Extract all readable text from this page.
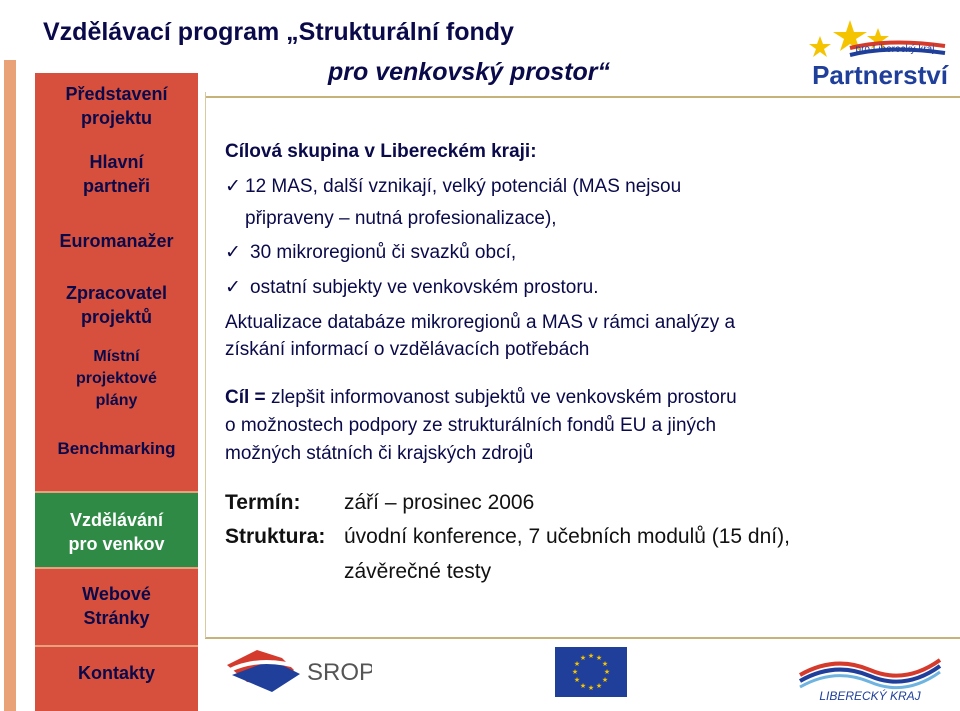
Vzdělávací program „Strukturální fondy
pro venkovský prostor“
pro Liberecký kraj
Partnerství
Představení projektu
Hlavní partneři
Euromanažer
Zpracovatel projektů
Místní projektové plány
Benchmarking
Vzdělávání pro venkov
Webové Stránky
Kontakty
Cílová skupina v Libereckém kraji:
✓ 12 MAS, další vznikají, velký potenciál (MAS nejsou
připraveny – nutná profesionalizace),
✓ 30 mikroregionů či svazků obcí,
✓ ostatní subjekty ve venkovském prostoru.
Aktualizace databáze mikroregionů a MAS v rámci analýzy a
získání informací o vzdělávacích potřebách
Cíl = zlepšit informovanost subjektů ve venkovském prostoru
o možnostech podpory ze strukturálních fondů EU a jiných
možných státních či krajských zdrojů
Termín: září – prosinec 2006
Struktura: úvodní konference, 7 učebních modulů (15 dní),
závěrečné testy
SROP
★ ★
★
★
★
★
★
★
★
★
★
★
LIBERECKÝ KRAJ
